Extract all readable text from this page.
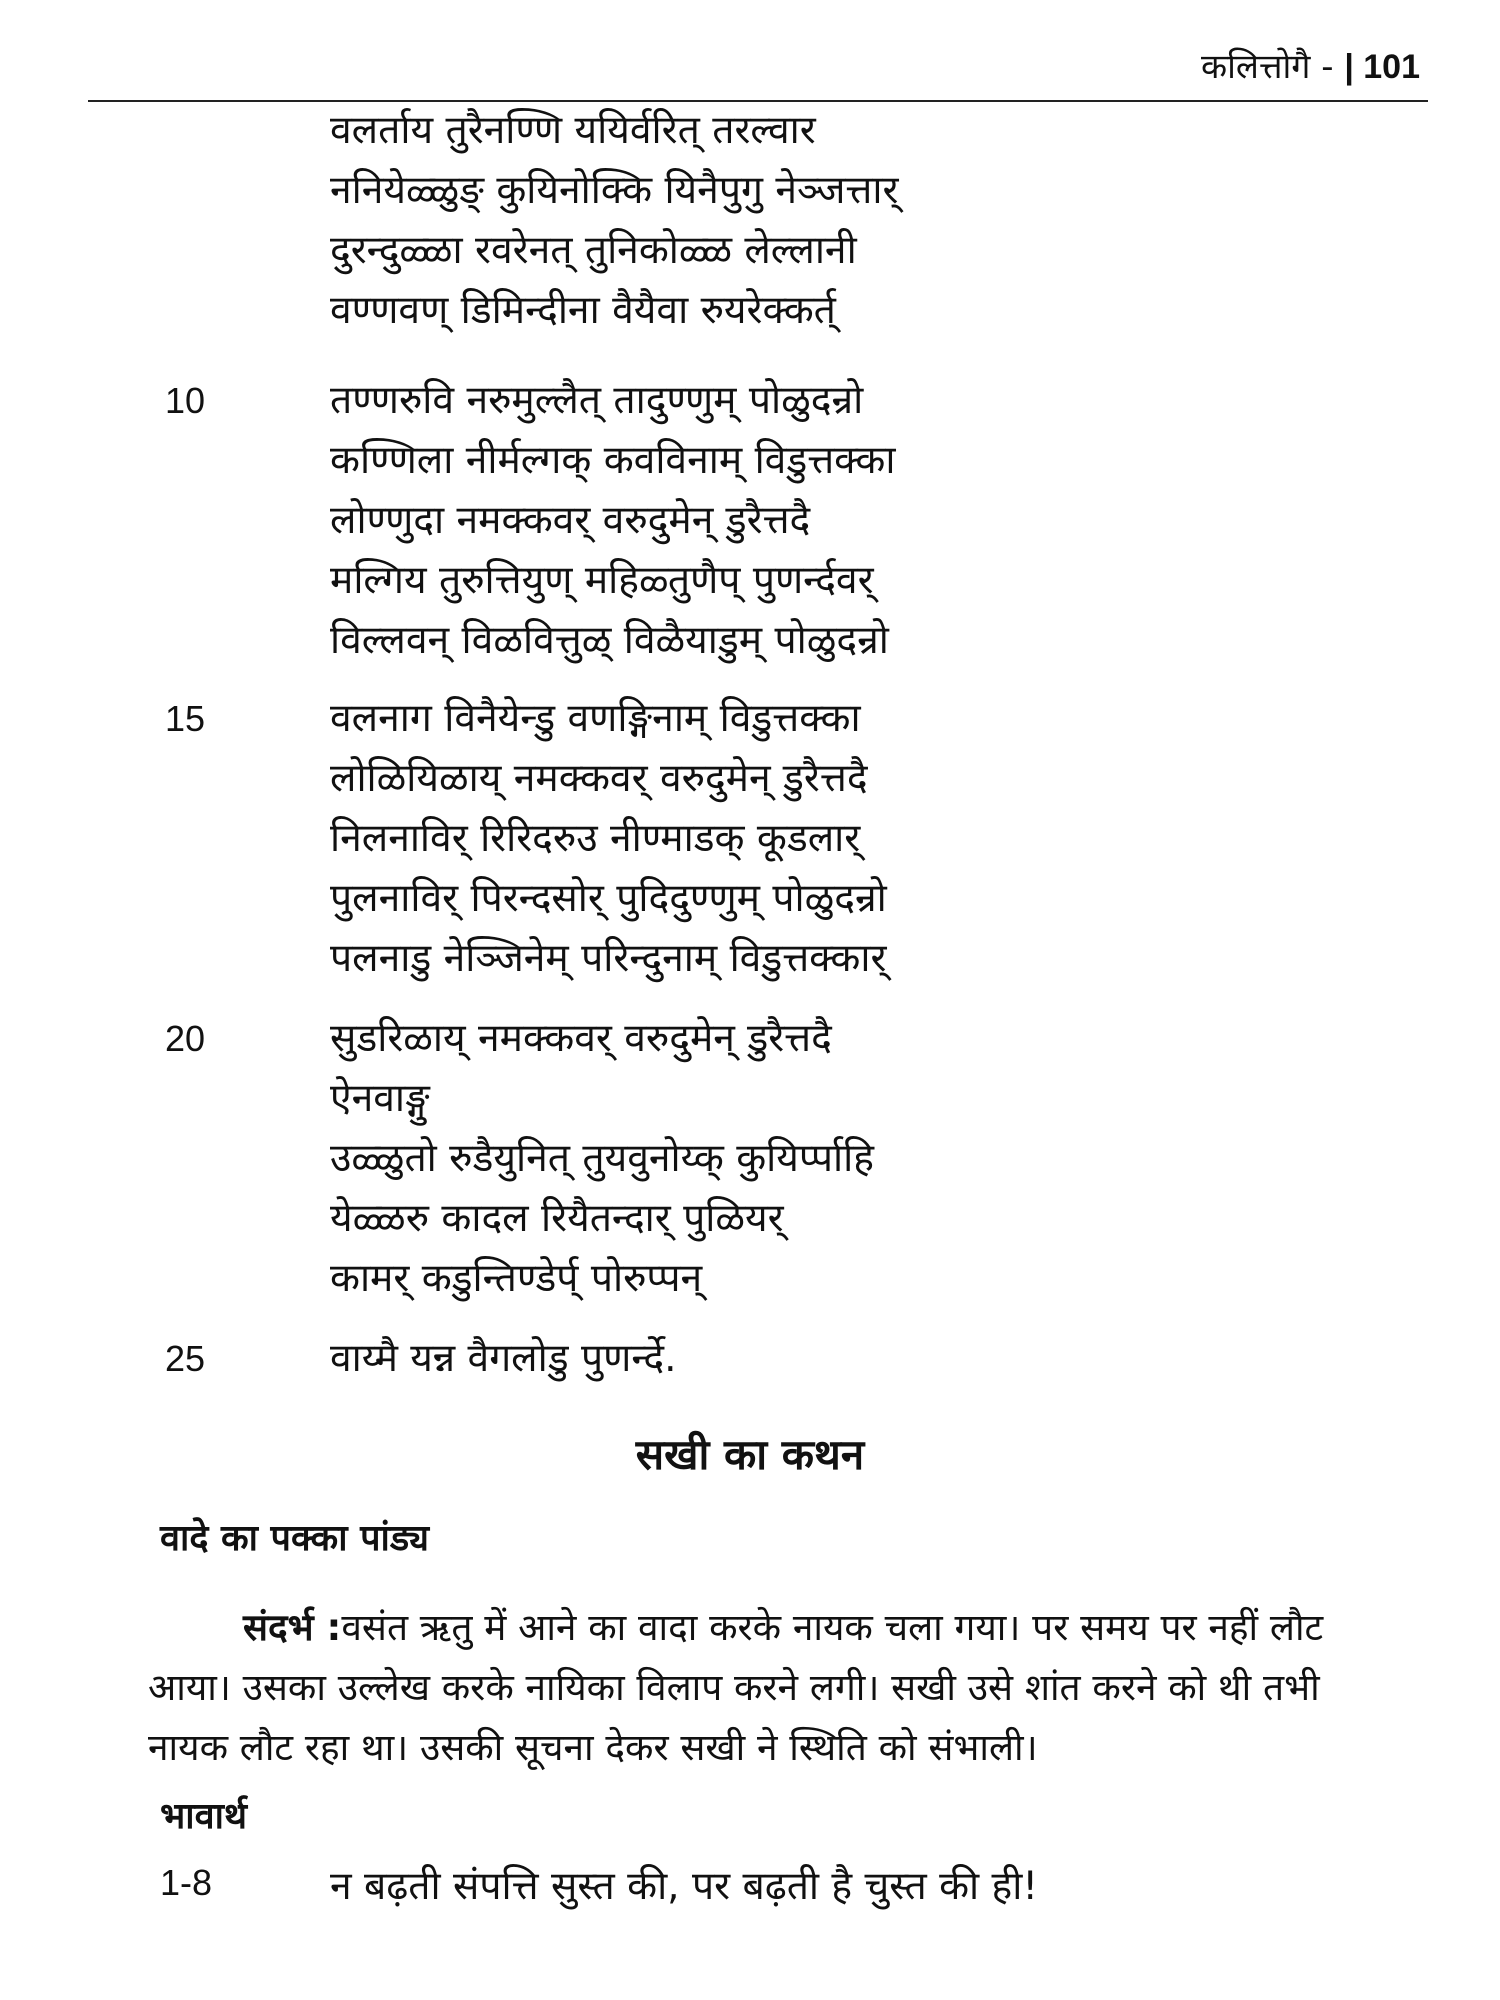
कलित्तोगै - | 101
वलर्ताय तुरैनण्णि ययिर्वरित् तरल्वार
ननियेळ्ळुङ् कुयिनोक्कि यिनैपुगु नेञ्जत्तार्
दुरन्दुळ्ळा रवरेनत् तुनिकोळ्ळ लेल्लानी
वण्णवण् डिमिन्दीना वैयैवा रुयरेक्कर्त्
10	तण्णरुवि नरुमुल्लैत् तादुण्णुम् पोळुदन्रो
कण्णिला नीर्मल्गक् कवविनाम् विडुत्तक्का
लोण्णुदा नमक्कवर् वरुदुमेन् डुरैत्तदै
मल्गिय तुरुत्तियुण् महिळ्तुणैप् पुणर्न्दवर्
विल्लवन् विळवित्तुळ् विळैयाडुम् पोळुदन्रो
15	वलनाग विनैयेन्डु वणङ्गिनाम् विडुत्तक्का
लोळियिळाय् नमक्कवर् वरुदुमेन् डुरैत्तदै
निलनाविर् रिरिदरुउ नीण्माडक् कूडलार्
पुलनाविर् पिरन्दसोर् पुदिदुण्णुम् पोळुदन्रो
पलनाडु नेञ्जिनेम् परिन्दुनाम् विडुत्तक्कार्
20	सुडरिळाय् नमक्कवर् वरुदुमेन् डुरैत्तदै
ऐनवाङ्गु
उळ्ळुतो रुडैयुनित् तुयवुनोय्क् कुयिर्प्पाहि
येळ्ळरु कादल रियैतन्दार् पुळियर्
कामर् कडुन्तिण्डेर्प् पोरुप्पन्
25	वाय्मै यन्न वैगलोडु पुणर्न्दे.
सखी का कथन
वादे का पक्का पांड्य
संदर्भ :वसंत ऋतु में आने का वादा करके नायक चला गया। पर समय पर नहीं लौट आया। उसका उल्लेख करके नायिका विलाप करने लगी। सखी उसे शांत करने को थी तभी नायक लौट रहा था। उसकी सूचना देकर सखी ने स्थिति को संभाली।
भावार्थ
1-8	न बढ़ती संपत्ति सुस्त की, पर बढ़ती है चुस्त की ही!
